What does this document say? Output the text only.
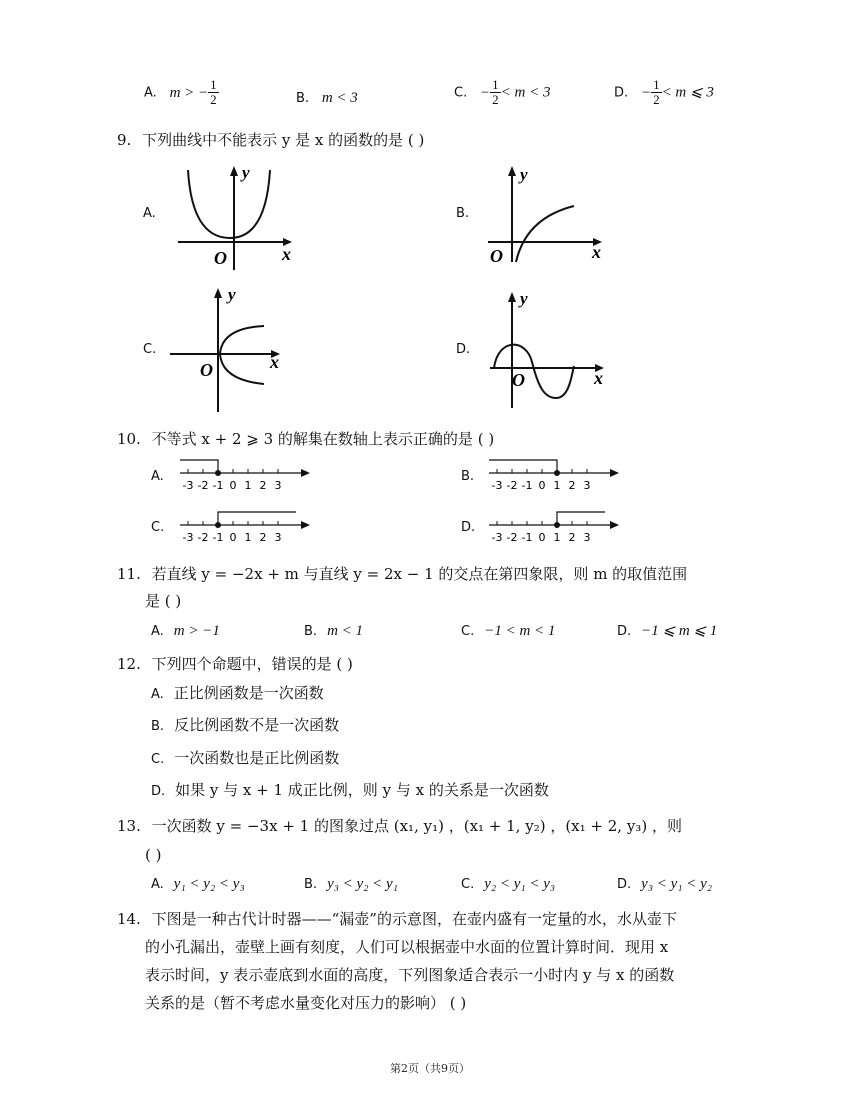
A. m > − $\frac{1}{2}$	B. m < 3	C. − $\frac{1}{2} < m < 3$	D. − $\frac{1}{2} < m$ ⩽ 3
9. 下列曲线中不能表示 y 是 x 的函数的是 ( )
A.	B.
C.	D.
y
O	x
y
O	x
y
O	x
y
O	x
10. 不等式 x + 2 ⩾ 3 的解集在数轴上表示正确的是 ( )
A.	B.
C.	D.
-3 -2 -1 0 1 2 3	-3 -2 -1 0 1 2 3
-3 -2 -1 0 1 2 3	-3 -2 -1 0 1 2 3
11. 若直线 y = −2x + m 与直线 y = 2x − 1 的交点在第四象限，则 m 的取值范围
是 ( )
A. m > −1	B. m < 1	C. −1 < m < 1	D. −1 ⩽ m ⩽ 1
12. 下列四个命题中，错误的是 ( )
A. 正比例函数是一次函数
B. 反比例函数不是一次函数
C. 一次函数也是正比例函数
D. 如果 y 与 x + 1 成正比例，则 y 与 x 的关系是一次函数
13. 一次函数 y = −3x + 1 的图象过点 (x₁, y₁) ，(x₁ + 1, y₂) ，(x₁ + 2, y₃) ，则
( )
A. y₁ < y₂ < y₃	B. y₃ < y₂ < y₁	C. y₂ < y₁ < y₃	D. y₃ < y₁ < y₂
14. 下图是一种古代计时器——“漏壶”的示意图，在壶内盛有一定量的水，水从壶下
的小孔漏出，壶壁上画有刻度，人们可以根据壶中水面的位置计算时间．现用 x
表示时间，y 表示壶底到水面的高度，下列图象适合表示一小时内 y 与 x 的函数
关系的是（暂不考虑水量变化对压力的影响） ( )
第2页（共9页）
